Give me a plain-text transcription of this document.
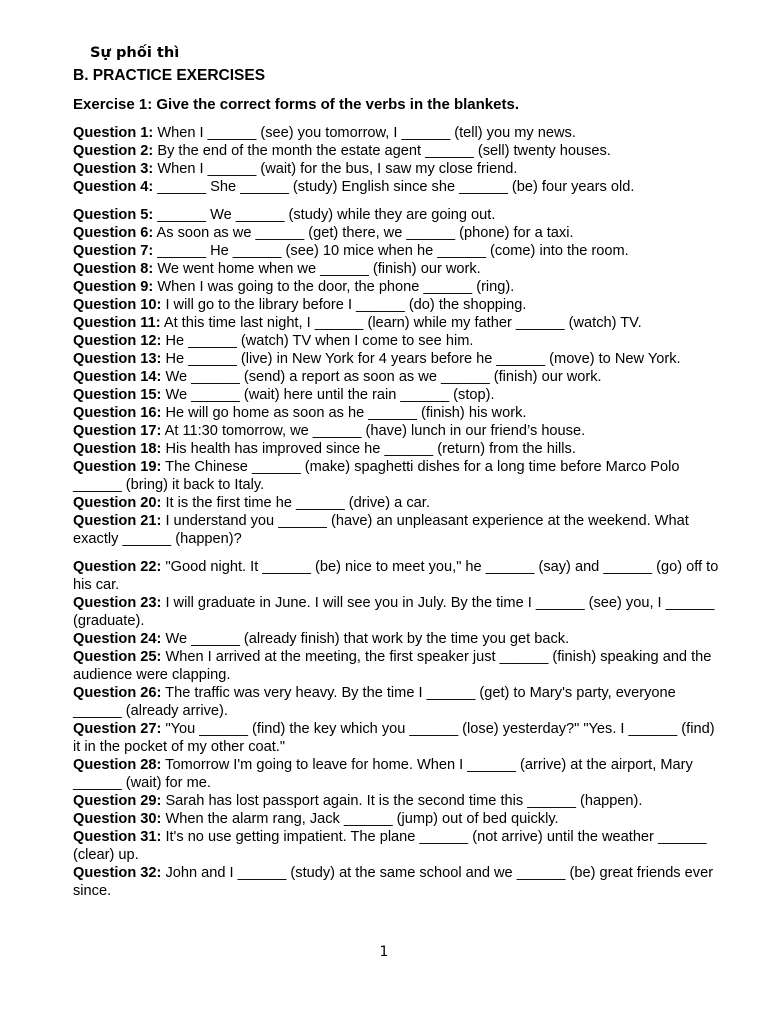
Sự phối thì
B. PRACTICE EXERCISES
Exercise 1: Give the correct forms of the verbs in the blankets.

Question 1: When I ______ (see) you tomorrow, I ______ (tell) you my news.

Question 2: By the end of the month the estate agent ______ (sell) twenty houses.

Question 3: When I ______ (wait) for the bus, I saw my close friend.

Question 4: ______ She ______ (study) English since she ______ (be) four years old.

Question 5: ______ We ______ (study) while they are going out.

Question 6: As soon as we ______ (get) there, we ______ (phone) for a taxi.

Question 7: ______ He ______ (see) 10 mice when he ______ (come) into the room.

Question 8: We went home when we ______ (finish) our work.

Question 9: When I was going to the door, the phone ______ (ring).

Question 10: I will go to the library before I ______ (do) the shopping.

Question 11: At this time last night, I ______ (learn) while my father ______ (watch) TV.

Question 12: He ______ (watch) TV when I come to see him.

Question 13: He ______ (live) in New York for 4 years before he ______ (move) to New York.

Question 14: We ______ (send) a report as soon as we ______ (finish) our work.

Question 15: We ______ (wait) here until the rain ______ (stop).

Question 16: He will go home as soon as he ______ (finish) his work.

Question 17: At 11:30 tomorrow, we ______ (have) lunch in our friend’s house.

Question 18: His health has improved since he ______ (return) from the hills.

Question 19: The Chinese ______ (make) spaghetti dishes for a long time before Marco Polo ______ (bring) it back to Italy.

Question 20: It is the first time he ______ (drive) a car.

Question 21: I understand you ______ (have) an unpleasant experience at the weekend. What exactly ______ (happen)?

Question 22: "Good night. It ______ (be) nice to meet you," he ______ (say) and ______ (go) off to his car.

Question 23: I will graduate in June. I will see you in July. By the time I ______ (see) you, I ______ (graduate).

Question 24: We ______ (already finish) that work by the time you get back.

Question 25: When I arrived at the meeting, the first speaker just ______ (finish) speaking and the audience were clapping.

Question 26: The traffic was very heavy. By the time I ______ (get) to Mary's party, everyone ______ (already arrive).

Question 27: "You ______ (find) the key which you ______ (lose) yesterday?" "Yes. I ______ (find) it in the pocket of my other coat."

Question 28: Tomorrow I'm going to leave for home. When I ______ (arrive) at the airport, Mary ______ (wait) for me.

Question 29: Sarah has lost passport again. It is the second time this ______ (happen).

Question 30: When the alarm rang, Jack ______ (jump) out of bed quickly.

Question 31: It's no use getting impatient. The plane ______ (not arrive) until the weather ______ (clear) up.

Question 32: John and I ______ (study) at the same school and we ______ (be) great friends ever since.

1
